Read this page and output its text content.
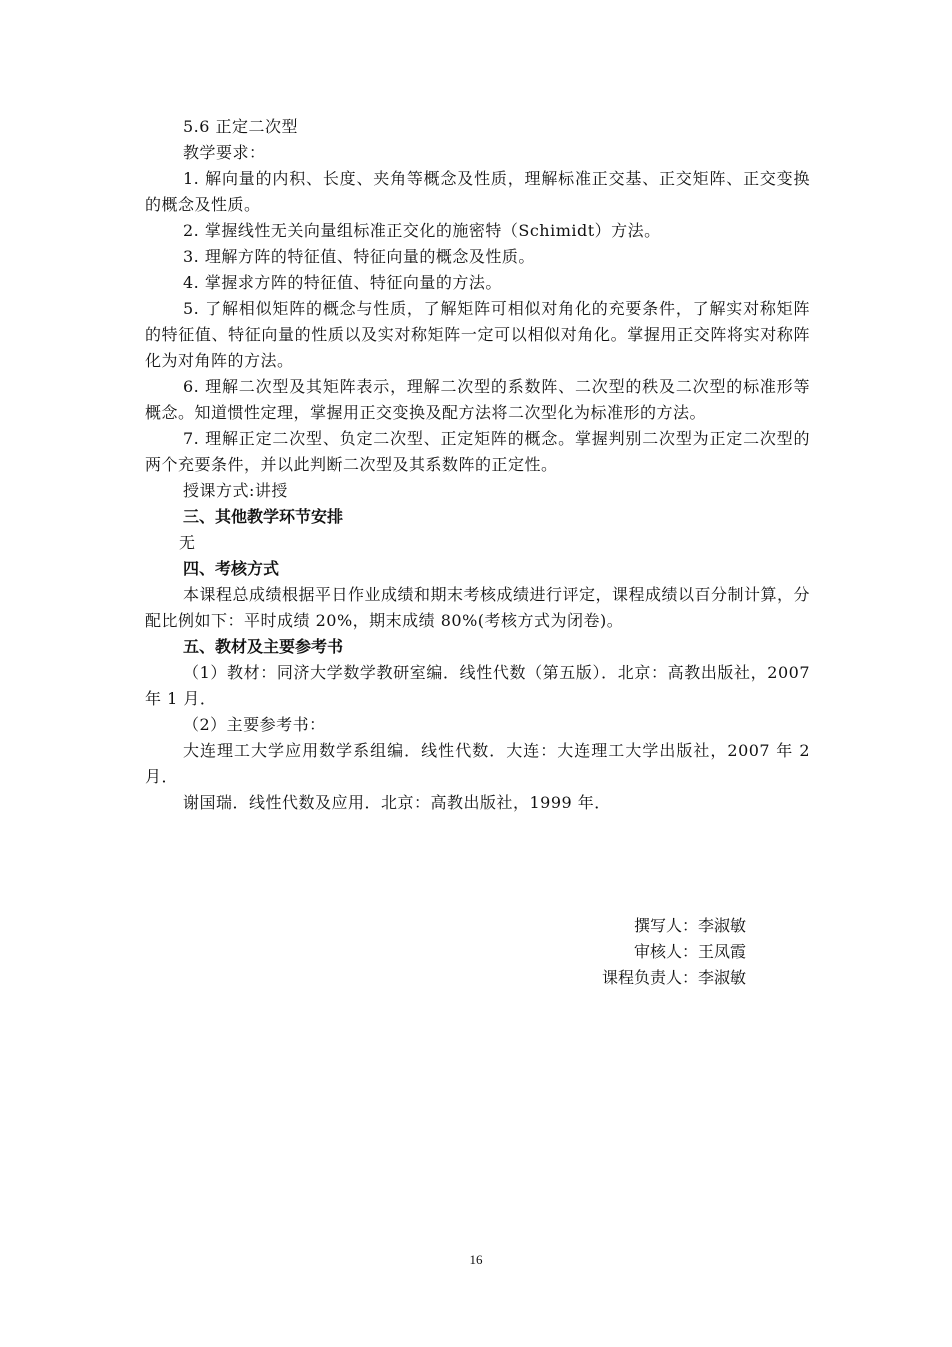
5.6 正定二次型

教学要求：

1. 解向量的内积、长度、夹角等概念及性质，理解标准正交基、正交矩阵、正交变换的概念及性质。

2. 掌握线性无关向量组标准正交化的施密特（Schimidt）方法。

3. 理解方阵的特征值、特征向量的概念及性质。

4. 掌握求方阵的特征值、特征向量的方法。

5. 了解相似矩阵的概念与性质，了解矩阵可相似对角化的充要条件，了解实对称矩阵的特征值、特征向量的性质以及实对称矩阵一定可以相似对角化。掌握用正交阵将实对称阵化为对角阵的方法。

6. 理解二次型及其矩阵表示，理解二次型的系数阵、二次型的秩及二次型的标准形等概念。知道惯性定理，掌握用正交变换及配方法将二次型化为标准形的方法。

7. 理解正定二次型、负定二次型、正定矩阵的概念。掌握判别二次型为正定二次型的两个充要条件，并以此判断二次型及其系数阵的正定性。

授课方式:讲授

三、其他教学环节安排

无

四、考核方式

本课程总成绩根据平日作业成绩和期末考核成绩进行评定，课程成绩以百分制计算，分配比例如下：平时成绩 20%，期末成绩 80%(考核方式为闭卷)。

五、教材及主要参考书

（1）教材：同济大学数学教研室编．线性代数（第五版）．北京：高教出版社，2007 年 1 月．

（2）主要参考书：

大连理工大学应用数学系组编．线性代数．大连：大连理工大学出版社，2007 年 2 月．

谢国瑞．线性代数及应用．北京：高教出版社，1999 年．

撰写人：李淑敏
审核人：王凤霞
课程负责人：李淑敏
16
